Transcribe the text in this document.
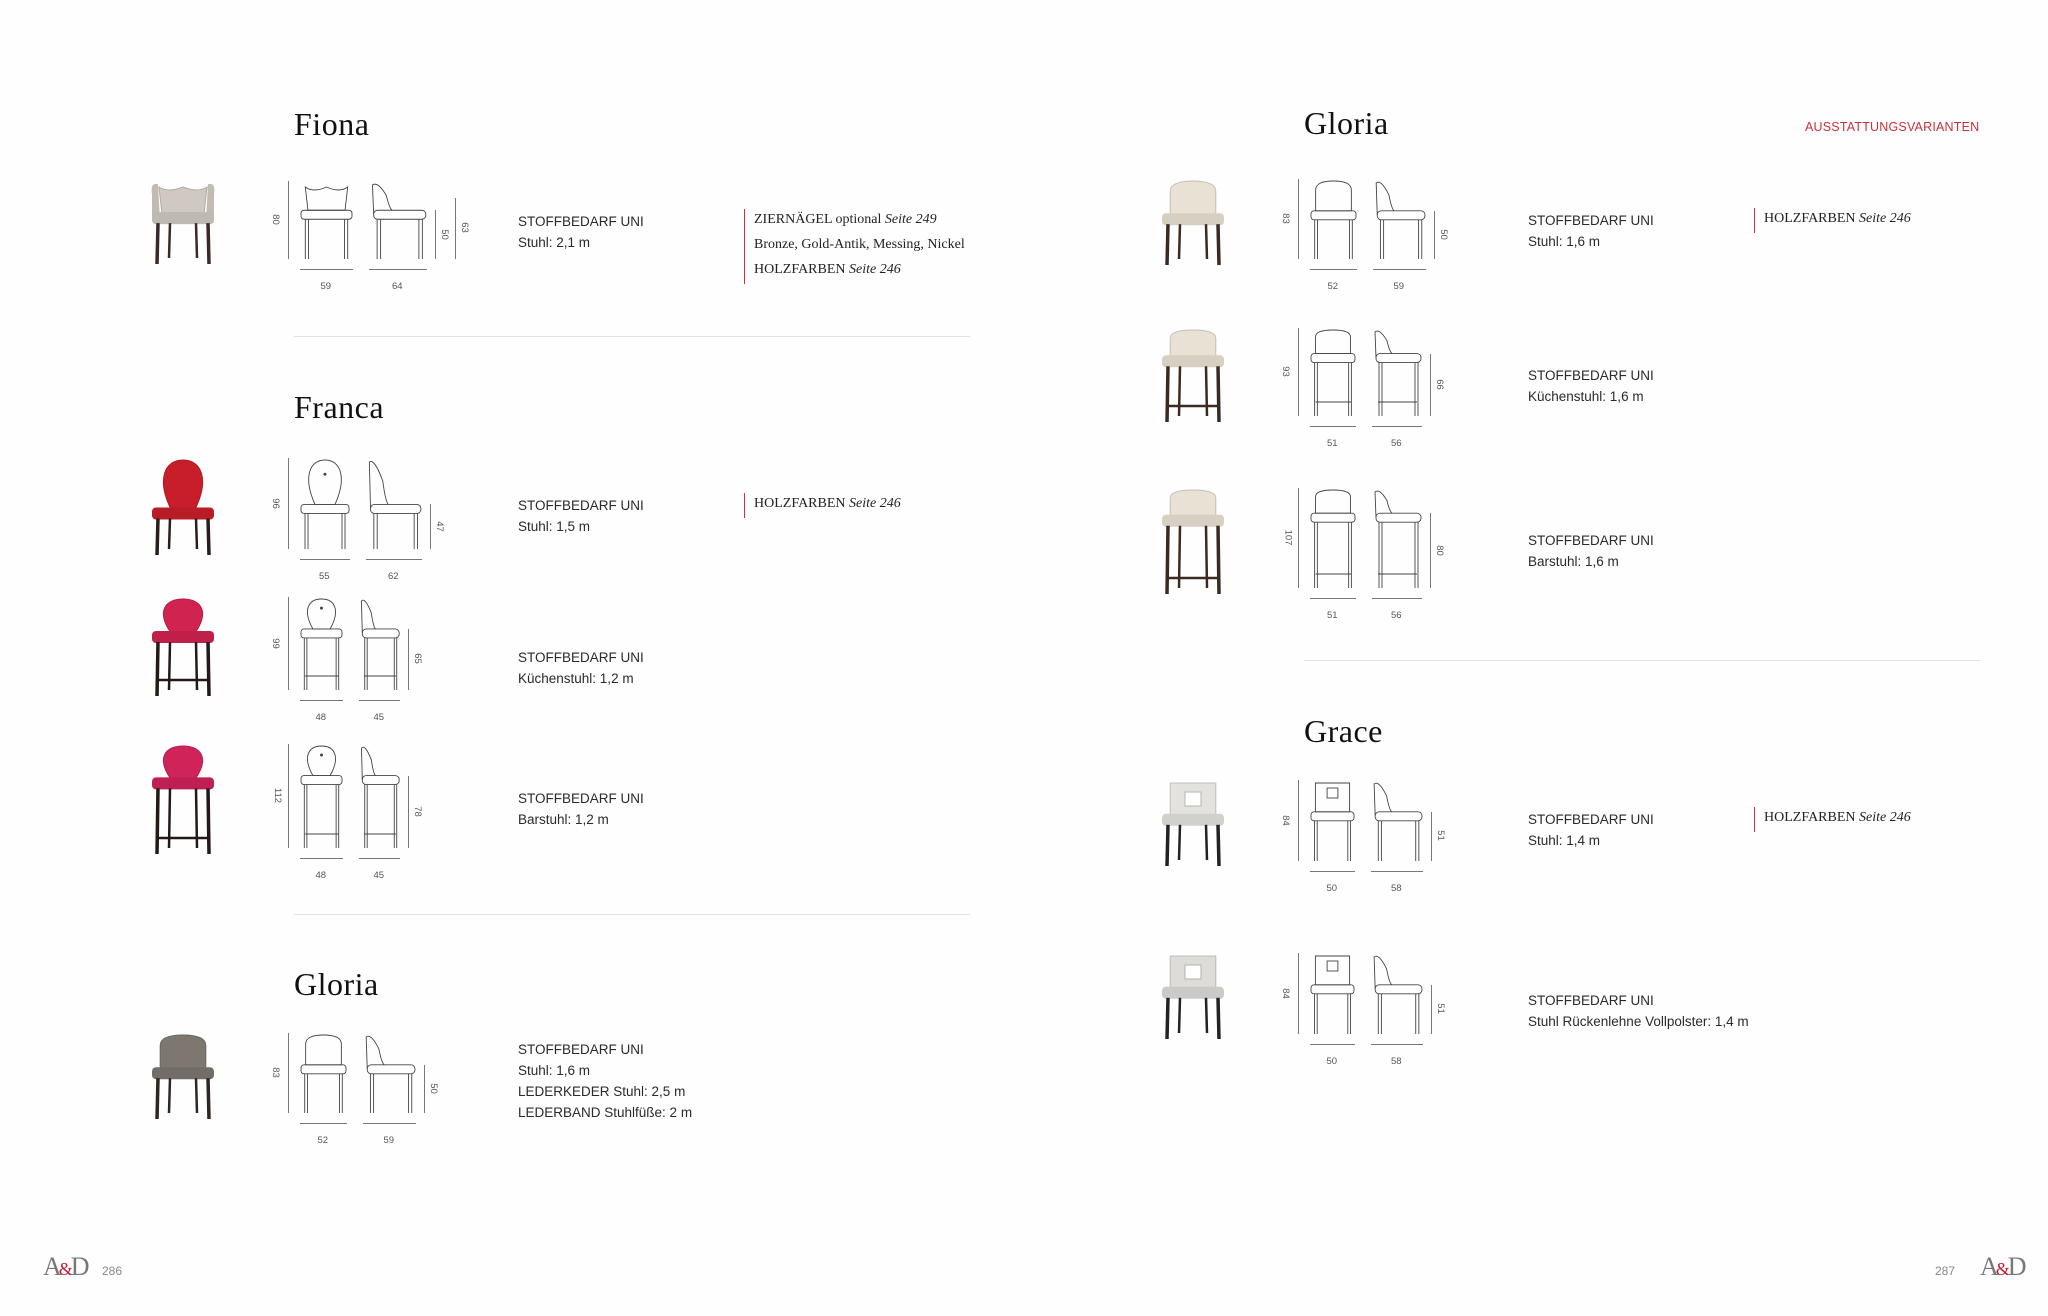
AUSSTATTUNGSVARIANTEN
A&D 286	287 A&D
Fiona
80
50
63
59	64
STOFFBEDARF UNI
Stuhl: 2,1 m
ZIERNÄGEL optional Seite 249
Bronze, Gold-Antik, Messing, Nickel
HOLZFARBEN Seite 246
Franca
96
47
55	62
STOFFBEDARF UNI
Stuhl: 1,5 m
HOLZFARBEN Seite 246
99
65
48	45
STOFFBEDARF UNI
Küchenstuhl: 1,2 m
112
78
48	45
STOFFBEDARF UNI
Barstuhl: 1,2 m
Gloria
83
50
52	59
STOFFBEDARF UNI
Stuhl: 1,6 m
LEDERKEDER Stuhl: 2,5 m
LEDERBAND Stuhlfüße: 2 m
Gloria
83
50
52	59
STOFFBEDARF UNI
Stuhl: 1,6 m
HOLZFARBEN Seite 246
93
66
51	56
STOFFBEDARF UNI
Küchenstuhl: 1,6 m
107
80
51	56
STOFFBEDARF UNI
Barstuhl: 1,6 m
Grace
84
51
50	58
STOFFBEDARF UNI
Stuhl: 1,4 m
HOLZFARBEN Seite 246
84
51
50	58
STOFFBEDARF UNI
Stuhl Rückenlehne Vollpolster: 1,4 m
